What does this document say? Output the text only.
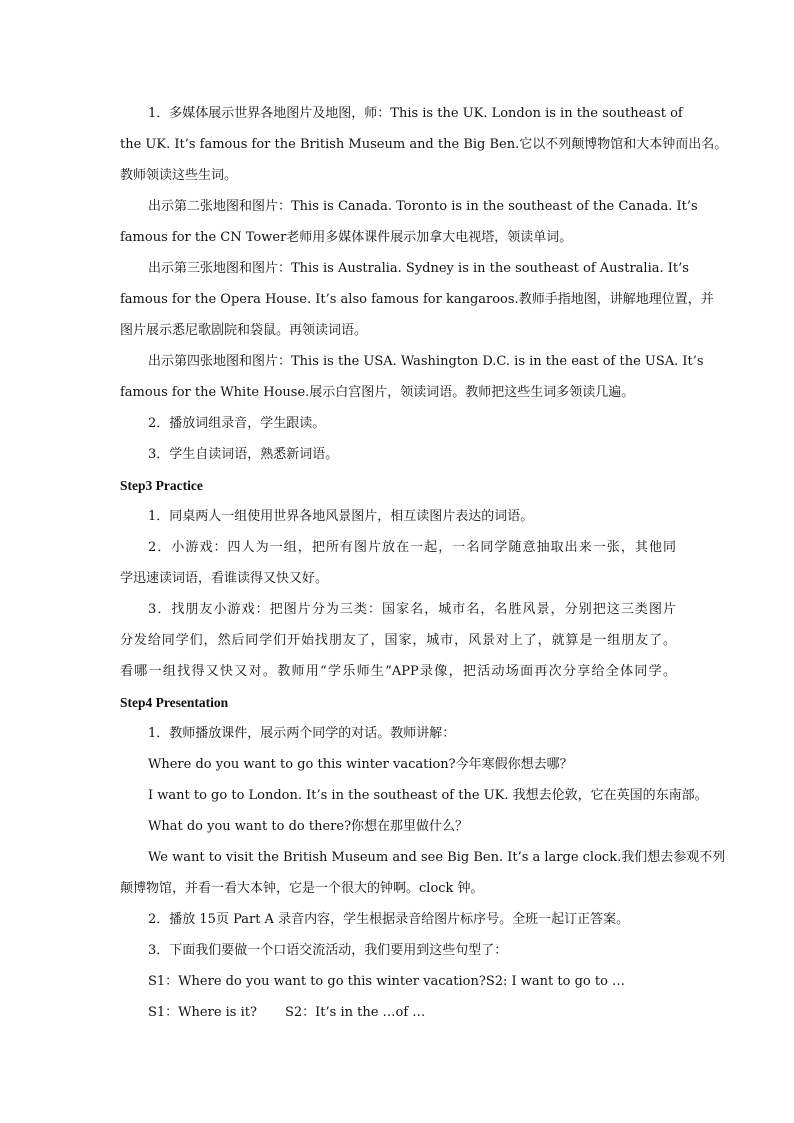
1．多媒体展示世界各地图片及地图，师：This is the UK. London is in the southeast of
the UK. It’s famous for the British Museum and the Big Ben.它以不列颠博物馆和大本钟而出名。
教师领读这些生词。
出示第二张地图和图片：This is Canada. Toronto is in the southeast of the Canada. It’s
famous for the CN Tower老师用多媒体课件展示加拿大电视塔，领读单词。
出示第三张地图和图片：This is Australia. Sydney is in the southeast of Australia. It’s
famous for the Opera House. It’s also famous for kangaroos.教师手指地图，讲解地理位置，并
图片展示悉尼歌剧院和袋鼠。再领读词语。
出示第四张地图和图片：This is the USA. Washington D.C. is in the east of the USA. It’s
famous for the White House.展示白宫图片，领读词语。教师把这些生词多领读几遍。
2．播放词组录音，学生跟读。
3．学生自读词语，熟悉新词语。
Step3 Practice
1．同桌两人一组使用世界各地风景图片，相互读图片表达的词语。
2．小游戏：四人为一组，把所有图片放在一起，一名同学随意抽取出来一张，其他同
学迅速读词语，看谁读得又快又好。
3．找朋友小游戏：把图片分为三类：国家名，城市名，名胜风景，分别把这三类图片
分发给同学们，然后同学们开始找朋友了，国家，城市，风景对上了，就算是一组朋友了。
看哪一组找得又快又对。教师用“学乐师生”APP录像，把活动场面再次分享给全体同学。
Step4 Presentation
1．教师播放课件，展示两个同学的对话。教师讲解：
Where do you want to go this winter vacation?今年寒假你想去哪？
I want to go to London. It’s in the southeast of the UK. 我想去伦敦，它在英国的东南部。
What do you want to do there?你想在那里做什么？
We want to visit the British Museum and see Big Ben. It’s a large clock.我们想去参观不列
颠博物馆，并看一看大本钟，它是一个很大的钟啊。clock 钟。
2．播放 15页 Part A 录音内容，学生根据录音给图片标序号。全班一起订正答案。
3．下面我们要做一个口语交流活动，我们要用到这些句型了：
S1：Where do you want to go this winter vacation?S2: I want to go to …
S1：Where is it? S2：It’s in the …of …
